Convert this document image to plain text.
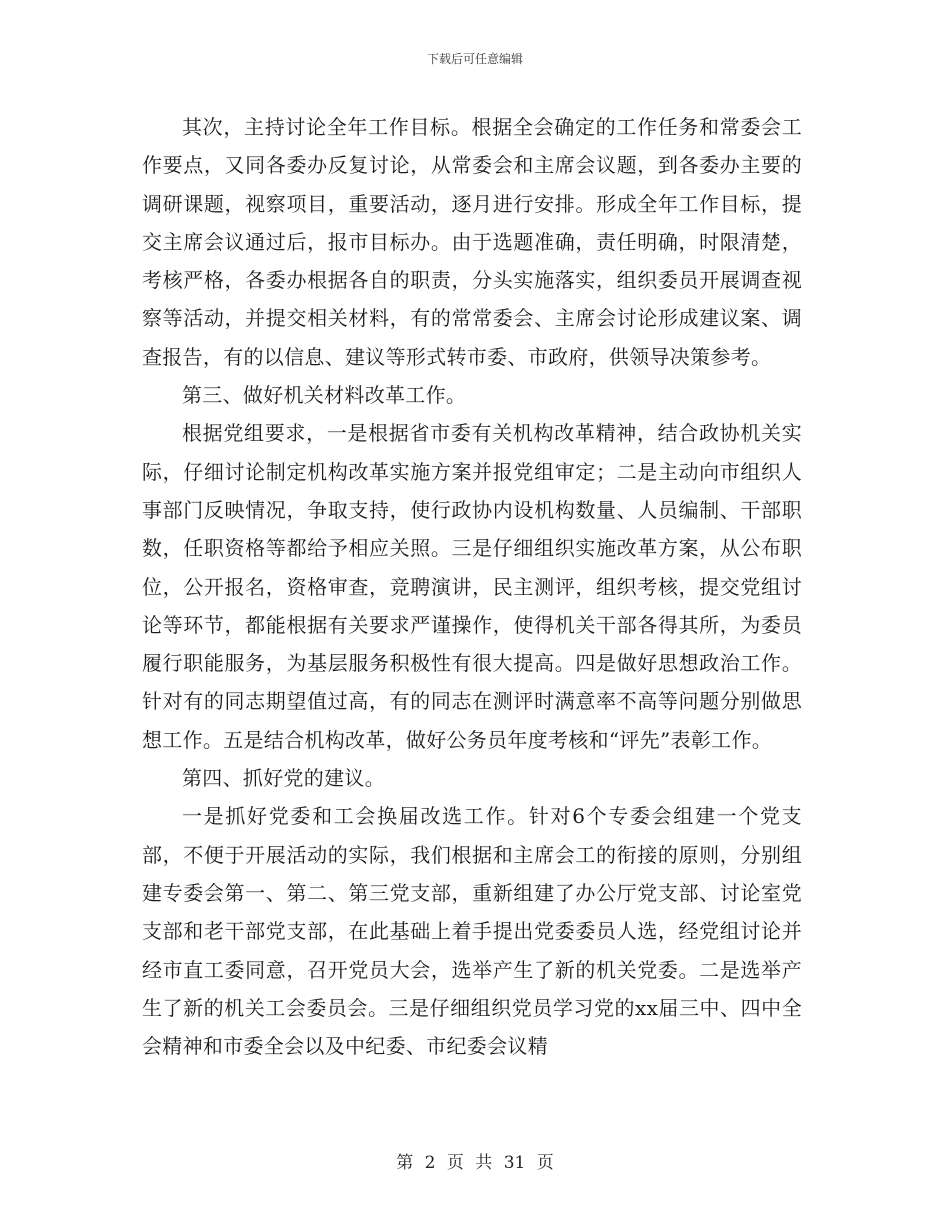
下载后可任意编辑

其次，主持讨论全年工作目标。根据全会确定的工作任务和常委会工作要点，又同各委办反复讨论，从常委会和主席会议题，到各委办主要的调研课题，视察项目，重要活动，逐月进行安排。形成全年工作目标，提交主席会议通过后，报市目标办。由于选题准确，责任明确，时限清楚，考核严格，各委办根据各自的职责，分头实施落实，组织委员开展调查视察等活动，并提交相关材料，有的常常委会、主席会讨论形成建议案、调查报告，有的以信息、建议等形式转市委、市政府，供领导决策参考。

第三、做好机关材料改革工作。

根据党组要求，一是根据省市委有关机构改革精神，结合政协机关实际，仔细讨论制定机构改革实施方案并报党组审定；二是主动向市组织人事部门反映情况，争取支持，使行政协内设机构数量、人员编制、干部职数，任职资格等都给予相应关照。三是仔细组织实施改革方案，从公布职位，公开报名，资格审查，竞聘演讲，民主测评，组织考核，提交党组讨论等环节，都能根据有关要求严谨操作，使得机关干部各得其所，为委员履行职能服务，为基层服务积极性有很大提高。四是做好思想政治工作。针对有的同志期望值过高，有的同志在测评时满意率不高等问题分别做思想工作。五是结合机构改革，做好公务员年度考核和“评先”表彰工作。

第四、抓好党的建议。

一是抓好党委和工会换届改选工作。针对6个专委会组建一个党支部，不便于开展活动的实际，我们根据和主席会工的衔接的原则，分别组建专委会第一、第二、第三党支部，重新组建了办公厅党支部、讨论室党支部和老干部党支部，在此基础上着手提出党委委员人选，经党组讨论并经市直工委同意，召开党员大会，选举产生了新的机关党委。二是选举产生了新的机关工会委员会。三是仔细组织党员学习党的xx届三中、四中全会精神和市委全会以及中纪委、市纪委会议精

第 2 页 共 31 页
